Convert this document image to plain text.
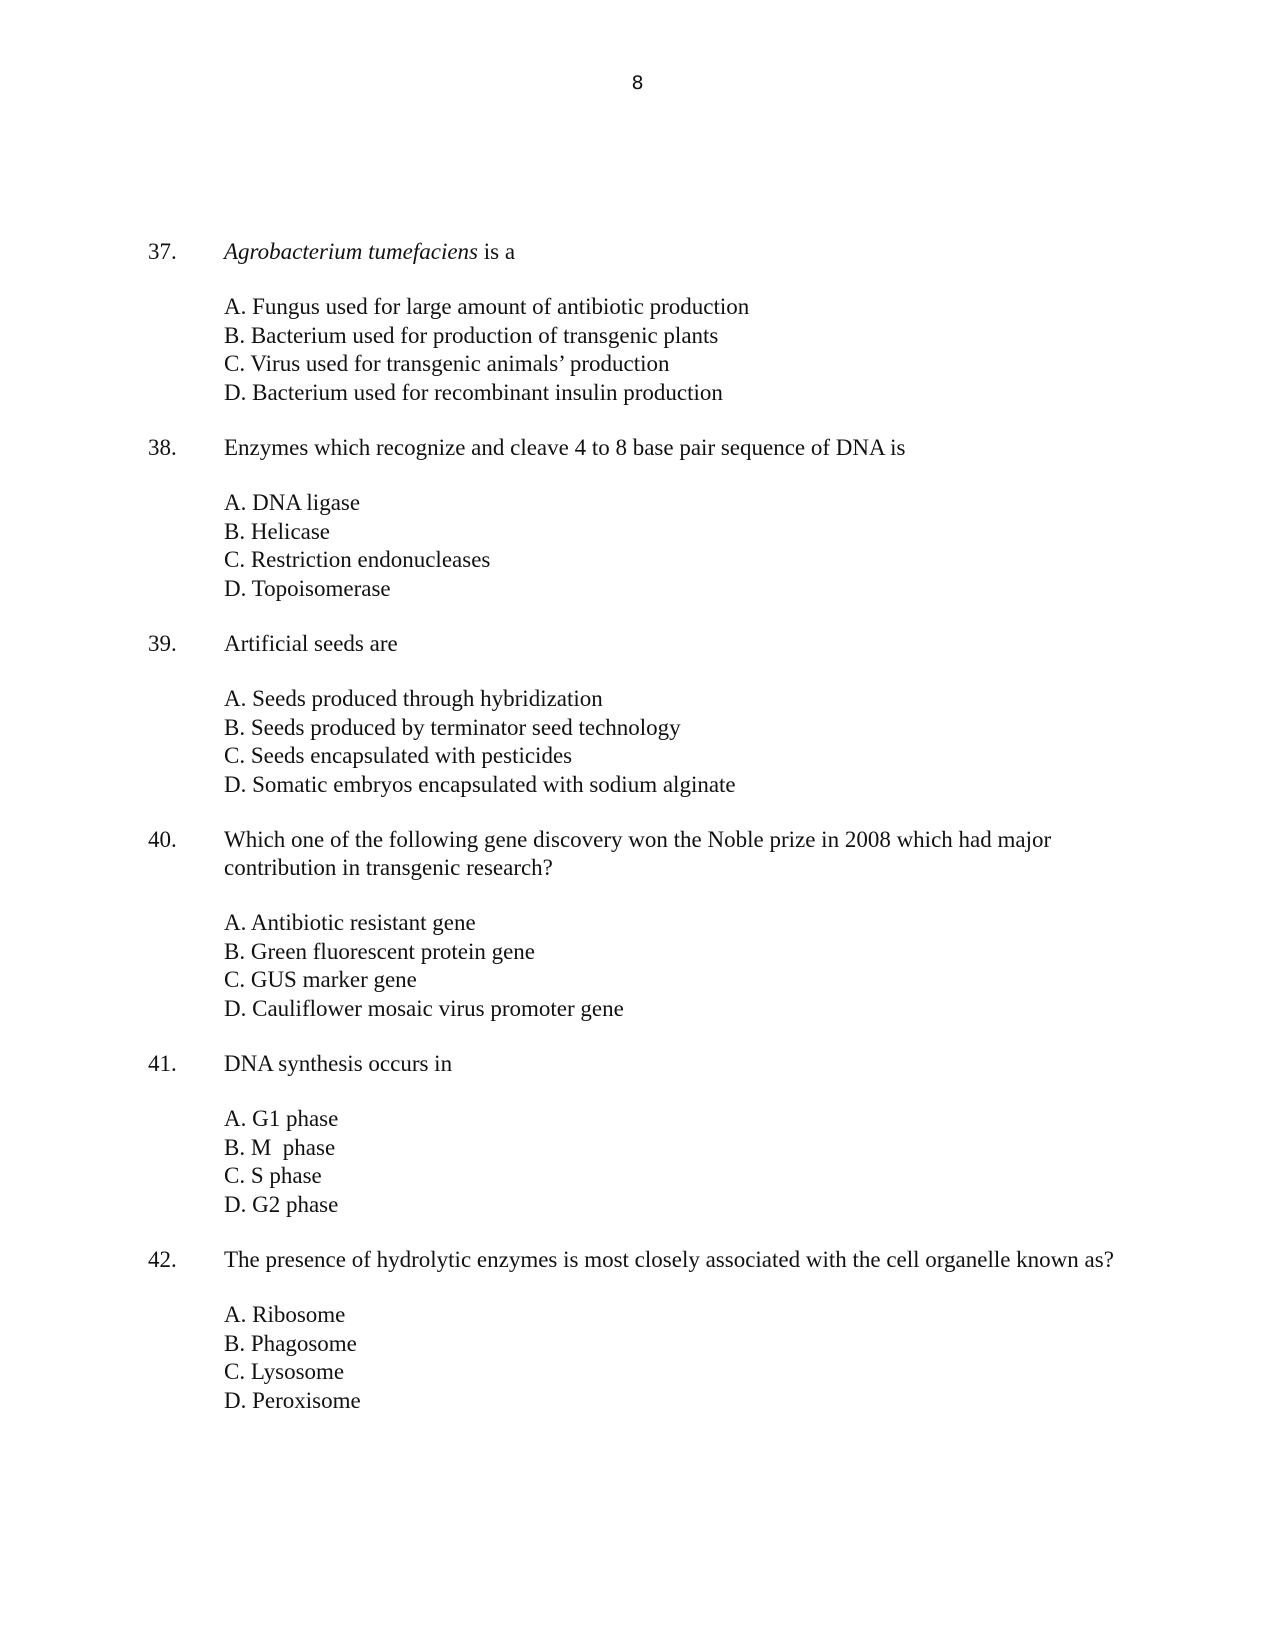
8
37.	Agrobacterium tumefaciens is a
A. Fungus used for large amount of antibiotic production
B. Bacterium used for production of transgenic plants
C. Virus used for transgenic animals’ production
D. Bacterium used for recombinant insulin production
38.	Enzymes which recognize and cleave 4 to 8 base pair sequence of DNA is
A. DNA ligase
B. Helicase
C. Restriction endonucleases
D. Topoisomerase
39.	Artificial seeds are
A. Seeds produced through hybridization
B. Seeds produced by terminator seed technology
C. Seeds encapsulated with pesticides
D. Somatic embryos encapsulated with sodium alginate
40.	Which one of the following gene discovery won the Noble prize in 2008 which had major contribution in transgenic research?
A. Antibiotic resistant gene
B. Green fluorescent protein gene
C. GUS marker gene
D. Cauliflower mosaic virus promoter gene
41.	DNA synthesis occurs in
A. G1 phase
B. M  phase
C. S phase
D. G2 phase
42.	The presence of hydrolytic enzymes is most closely associated with the cell organelle known as?
A. Ribosome
B. Phagosome
C. Lysosome
D. Peroxisome
